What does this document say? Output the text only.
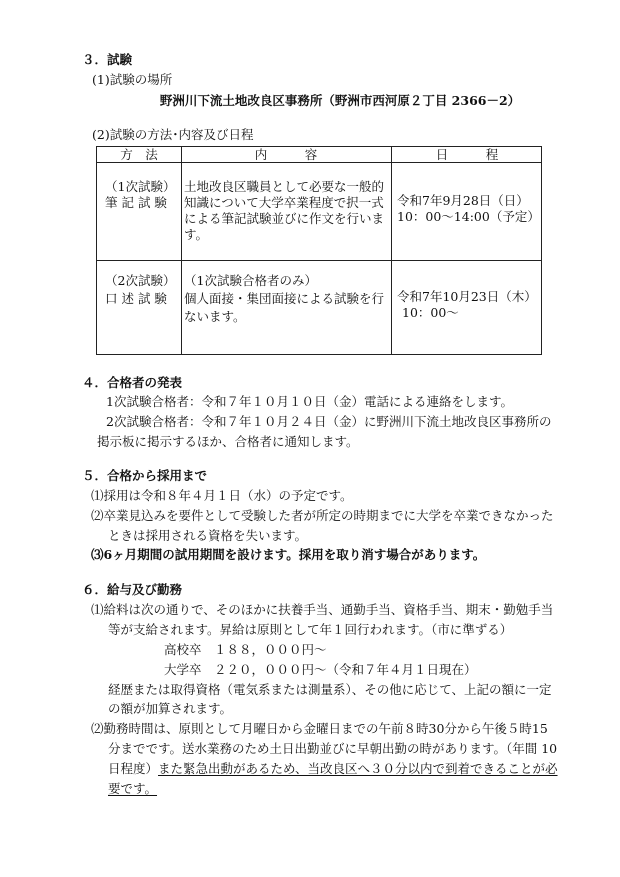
３．試験
(1)試験の場所
野洲川下流土地改良区事務所（野洲市西河原２丁目 2366－2）
(2)試験の方法･内容及び日程
方　法	内　　　容	日　　　程
（1次試験）
筆 記 試 験
土地改良区職員として必要な一般的
知識について大学卒業程度で択一式
による筆記試験並びに作文を行いま
す。
令和7年9月28日（日）
10：00～14:00（予定）
（2次試験）
口 述 試 験
（1次試験合格者のみ）
個人面接・集団面接による試験を行
ないます。
令和7年10月23日（木）
10：00～
４．合格者の発表
1次試験合格者：令和７年１０月１０日（金）電話による連絡をします。
2次試験合格者：令和７年１０月２４日（金）に野洲川下流土地改良区事務所の
掲示板に掲示するほか、合格者に通知します。
５．合格から採用まで
⑴採用は令和８年４月１日（水）の予定です。
⑵卒業見込みを要件として受験した者が所定の時期までに大学を卒業できなかった
ときは採用される資格を失います。
⑶6ヶ月期間の試用期間を設けます。採用を取り消す場合があります。
６．給与及び勤務
⑴給料は次の通りで、そのほかに扶養手当、通勤手当、資格手当、期末・勤勉手当
等が支給されます。昇給は原則として年１回行われます。（市に準ずる）
高校卒　１８８，０００円～
大学卒　２２０，０００円～（令和７年４月１日現在）
経歴または取得資格（電気系または測量系）、その他に応じて、上記の額に一定
の額が加算されます。
⑵勤務時間は、原則として月曜日から金曜日までの午前８時30分から午後５時15
分までです。送水業務のため土日出勤並びに早朝出勤の時があります。（年間 10
日程度）また緊急出動があるため、当改良区へ３０分以内で到着できることが必
要です。
